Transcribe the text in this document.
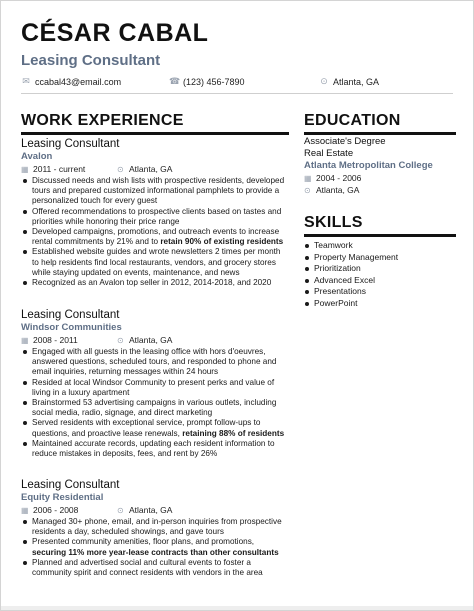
CÉSAR CABAL
Leasing Consultant
✉ ccabal43@email.com	☎ (123) 456-7890	⊙ Atlanta, GA
WORK EXPERIENCE
Leasing Consultant
Avalon
▦ 2011 - current	⊙ Atlanta, GA
Discussed needs and wish lists with prospective residents, developed tours and prepared customized informational pamphlets to provide a personalized touch for every guest
Offered recommendations to prospective clients based on tastes and priorities while honoring their price range
Developed campaigns, promotions, and outreach events to increase rental commitments by 21% and to retain 90% of existing residents
Established website guides and wrote newsletters 2 times per month to help residents find local restaurants, vendors, and grocery stores while staying updated on events, maintenance, and news
Recognized as an Avalon top seller in 2012, 2014-2018, and 2020
Leasing Consultant
Windsor Communities
▦ 2008 - 2011	⊙ Atlanta, GA
Engaged with all guests in the leasing office with hors d'oeuvres, answered questions, scheduled tours, and responded to phone and email inquiries, returning messages within 24 hours
Resided at local Windsor Community to present perks and value of living in a luxury apartment
Brainstormed 53 advertising campaigns in various outlets, including social media, radio, signage, and direct marketing
Served residents with exceptional service, prompt follow-ups to questions, and proactive lease renewals, retaining 88% of residents
Maintained accurate records, updating each resident information to reduce mistakes in deposits, fees, and rent by 26%
Leasing Consultant
Equity Residential
▦ 2006 - 2008	⊙ Atlanta, GA
Managed 30+ phone, email, and in-person inquiries from prospective residents a day, scheduled showings, and gave tours
Presented community amenities, floor plans, and promotions, securing 11% more year-lease contracts than other consultants
Planned and advertised social and cultural events to foster a community spirit and connect residents with vendors in the area
EDUCATION
Associate's Degree
Real Estate
Atlanta Metropolitan College
▦ 2004 - 2006
⊙ Atlanta, GA
SKILLS
Teamwork
Property Management
Prioritization
Advanced Excel
Presentations
PowerPoint
